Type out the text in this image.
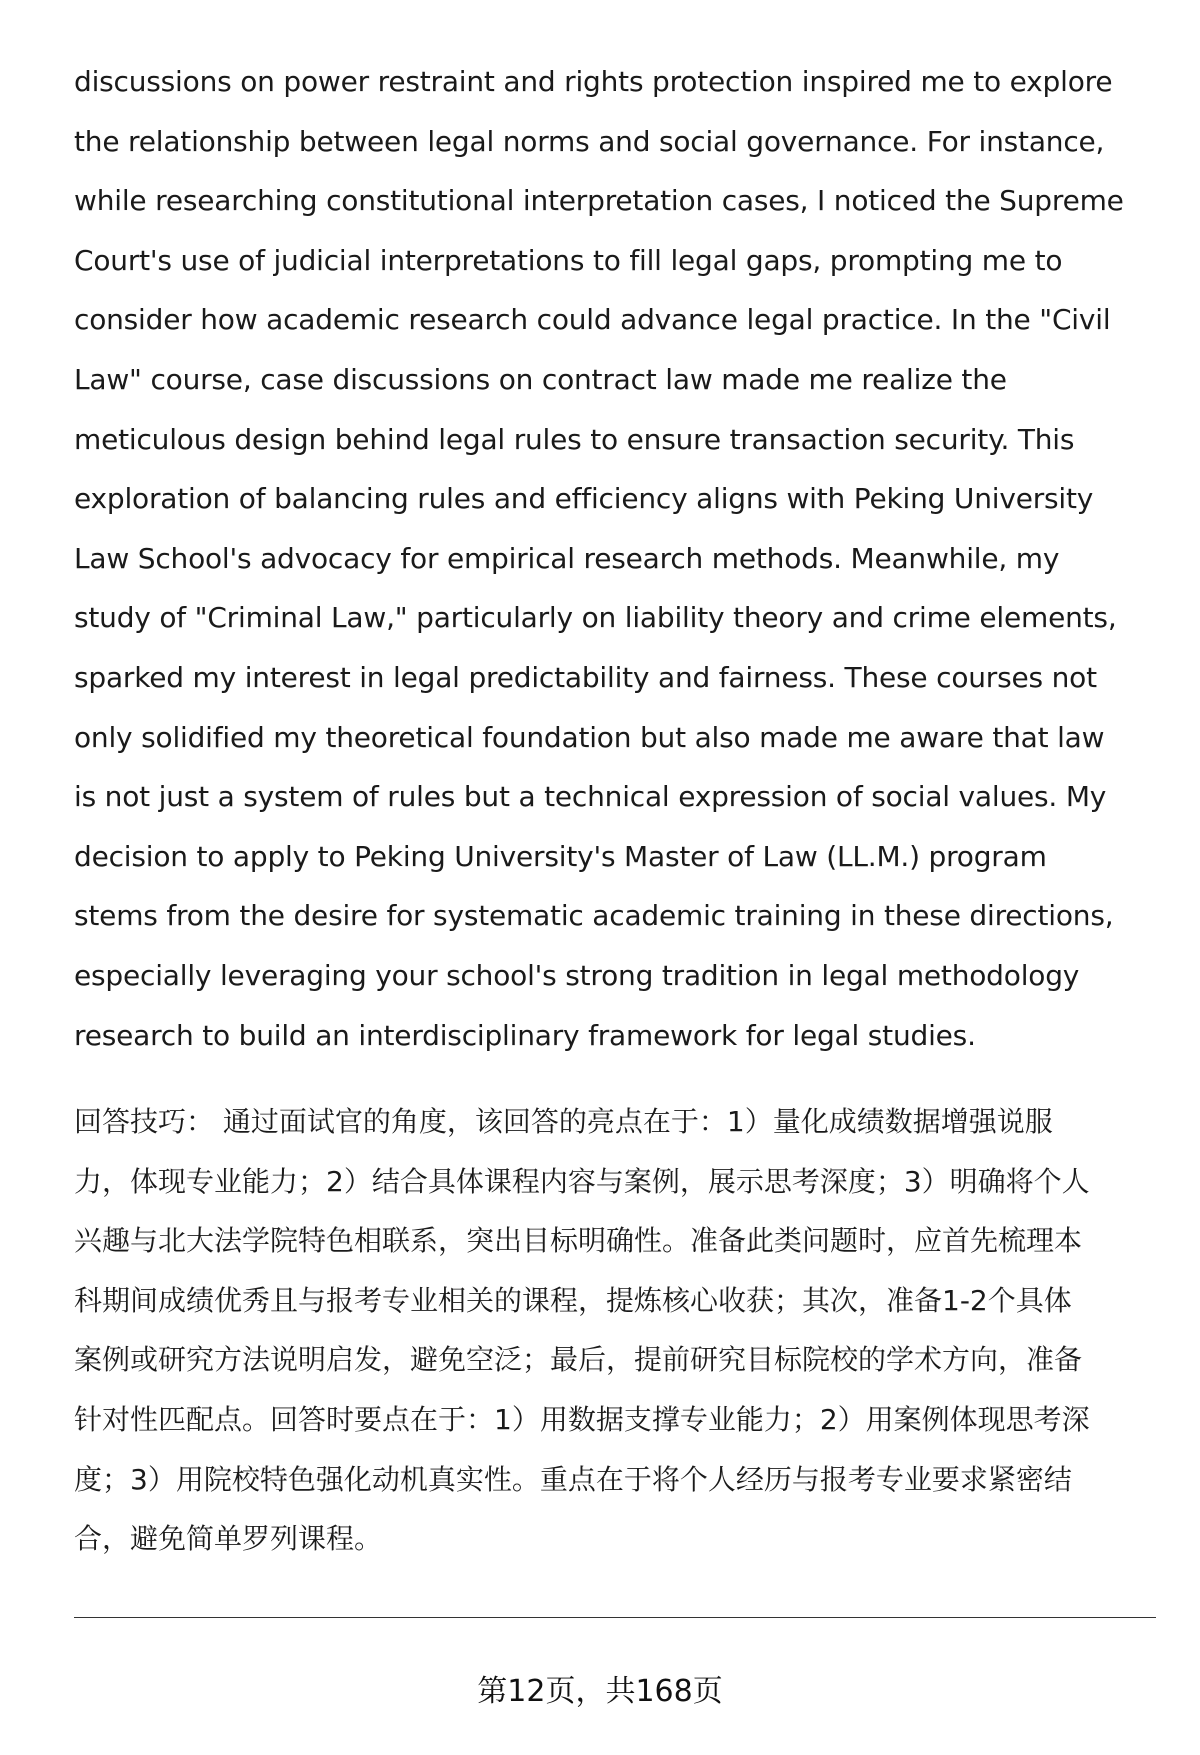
discussions on power restraint and rights protection inspired me to explore
the relationship between legal norms and social governance. For instance,
while researching constitutional interpretation cases, I noticed the Supreme
Court's use of judicial interpretations to fill legal gaps, prompting me to
consider how academic research could advance legal practice. In the "Civil
Law" course, case discussions on contract law made me realize the
meticulous design behind legal rules to ensure transaction security. This
exploration of balancing rules and efficiency aligns with Peking University
Law School's advocacy for empirical research methods. Meanwhile, my
study of "Criminal Law," particularly on liability theory and crime elements,
sparked my interest in legal predictability and fairness. These courses not
only solidified my theoretical foundation but also made me aware that law
is not just a system of rules but a technical expression of social values. My
decision to apply to Peking University's Master of Law (LL.M.) program
stems from the desire for systematic academic training in these directions,
especially leveraging your school's strong tradition in legal methodology
research to build an interdisciplinary framework for legal studies.

回答技巧： 通过面试官的角度，该回答的亮点在于：1）量化成绩数据增强说服
力，体现专业能力；2）结合具体课程内容与案例，展示思考深度；3）明确将个人
兴趣与北大法学院特色相联系，突出目标明确性。准备此类问题时，应首先梳理本
科期间成绩优秀且与报考专业相关的课程，提炼核心收获；其次，准备1-2个具体
案例或研究方法说明启发，避免空泛；最后，提前研究目标院校的学术方向，准备
针对性匹配点。回答时要点在于：1）用数据支撑专业能力；2）用案例体现思考深
度；3）用院校特色强化动机真实性。重点在于将个人经历与报考专业要求紧密结
合，避免简单罗列课程。

第12页，共168页
